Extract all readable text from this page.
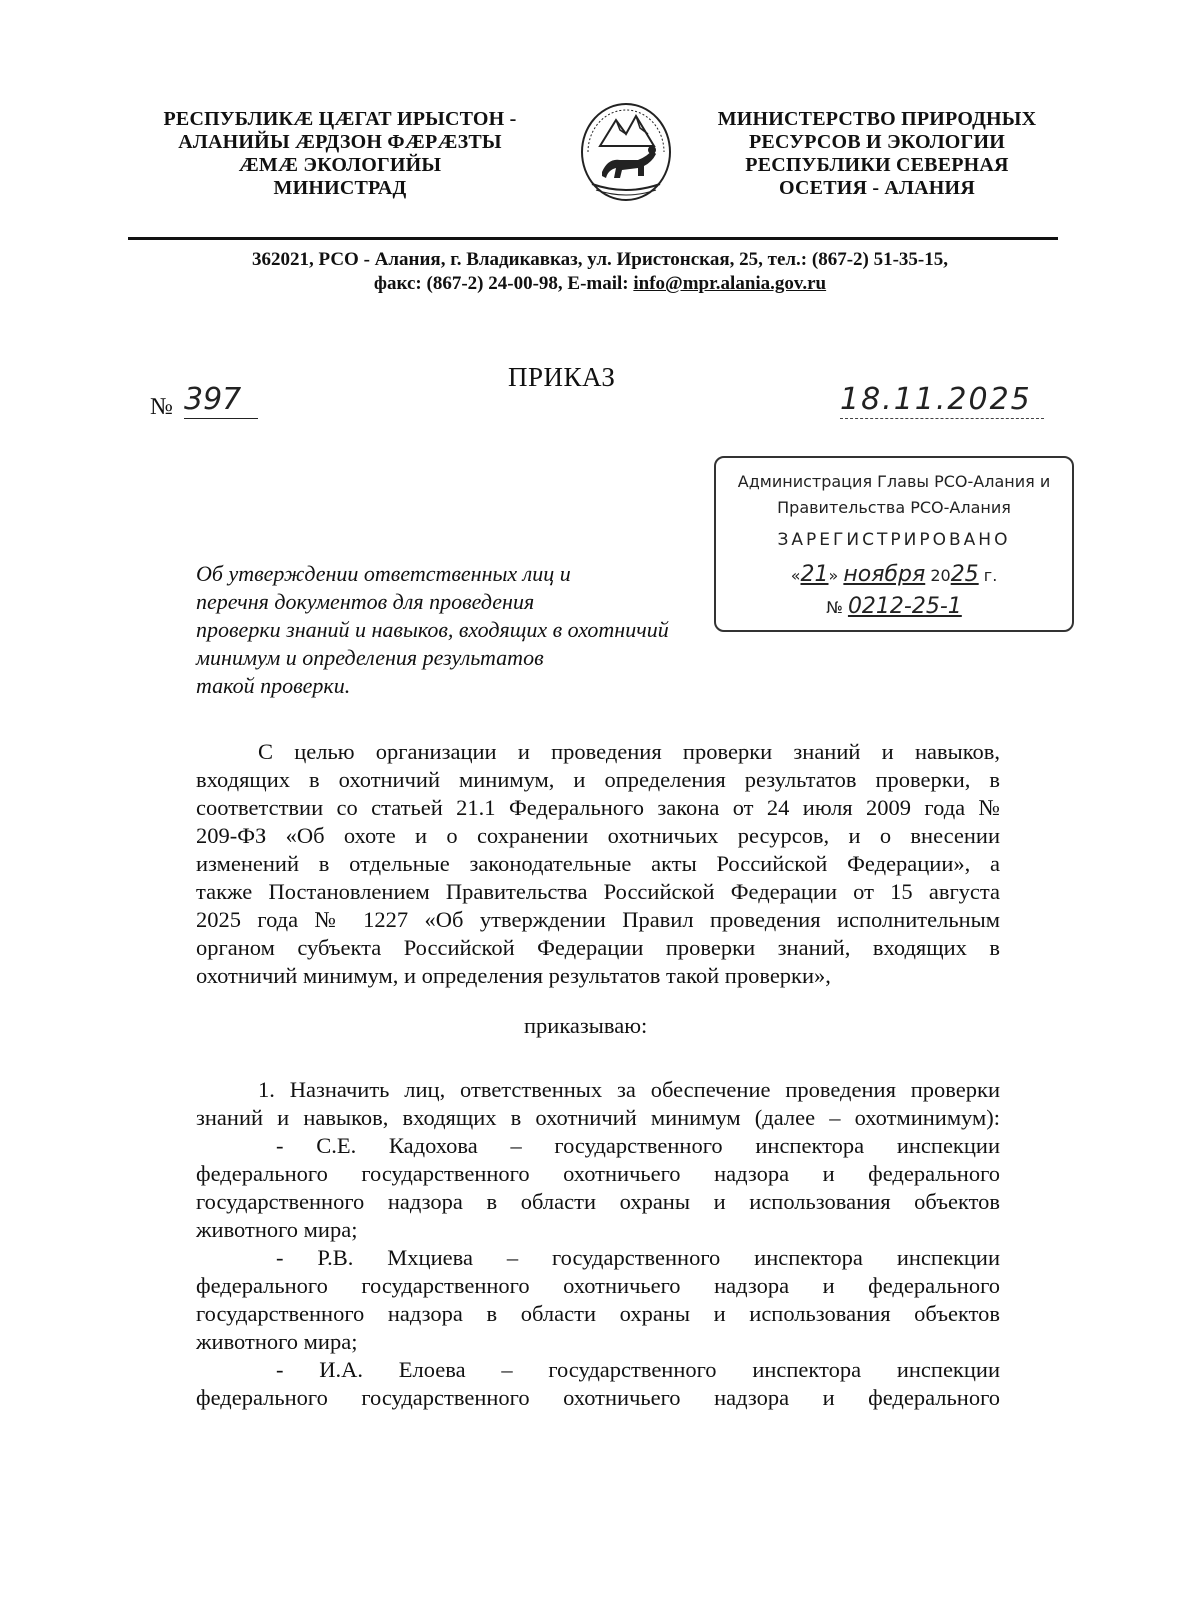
РЕСПУБЛИКÆ ЦÆГАТ ИРЫСТОН -
АЛАНИЙЫ ÆРДЗОН ФÆРÆЗТЫ
ÆМÆ ЭКОЛОГИЙЫ
МИНИСТРАД
МИНИСТЕРСТВО ПРИРОДНЫХ
РЕСУРСОВ И ЭКОЛОГИИ
РЕСПУБЛИКИ СЕВЕРНАЯ
ОСЕТИЯ - АЛАНИЯ
362021, РСО - Алания, г. Владикавказ, ул. Иристонская, 25, тел.: (867-2) 51-35-15,
факс: (867-2) 24-00-98, E-mail: info@mpr.alania.gov.ru
ПРИКАЗ
№ 397	18.11.2025
Администрация Главы РСО-Алания и
Правительства РСО-Алания
ЗАРЕГИСТРИРОВАНО
«21» ноября 2025 г.
№ 0212-25-1
Об утверждении ответственных лиц и
перечня документов для проведения
проверки знаний и навыков, входящих в охотничий
минимум и определения результатов
такой проверки.
С целью организации и проведения проверки знаний и навыков,
входящих в охотничий минимум, и определения результатов проверки, в
соответствии со статьей 21.1 Федерального закона от 24 июля 2009 года №
209-ФЗ «Об охоте и о сохранении охотничьих ресурсов, и о внесении
изменений в отдельные законодательные акты Российской Федерации», а
также Постановлением Правительства Российской Федерации от 15 августа
2025 года № 1227 «Об утверждении Правил проведения исполнительным
органом субъекта Российской Федерации проверки знаний, входящих в
охотничий минимум, и определения результатов такой проверки»,
приказываю:
1. Назначить лиц, ответственных за обеспечение проведения проверки
знаний и навыков, входящих в охотничий минимум (далее – охотминимум):
- С.Е. Кадохова – государственного инспектора инспекции
федерального государственного охотничьего надзора и федерального
государственного надзора в области охраны и использования объектов
животного мира;
- Р.В. Мхциева – государственного инспектора инспекции
федерального государственного охотничьего надзора и федерального
государственного надзора в области охраны и использования объектов
животного мира;
- И.А. Елоева – государственного инспектора инспекции
федерального государственного охотничьего надзора и федерального
